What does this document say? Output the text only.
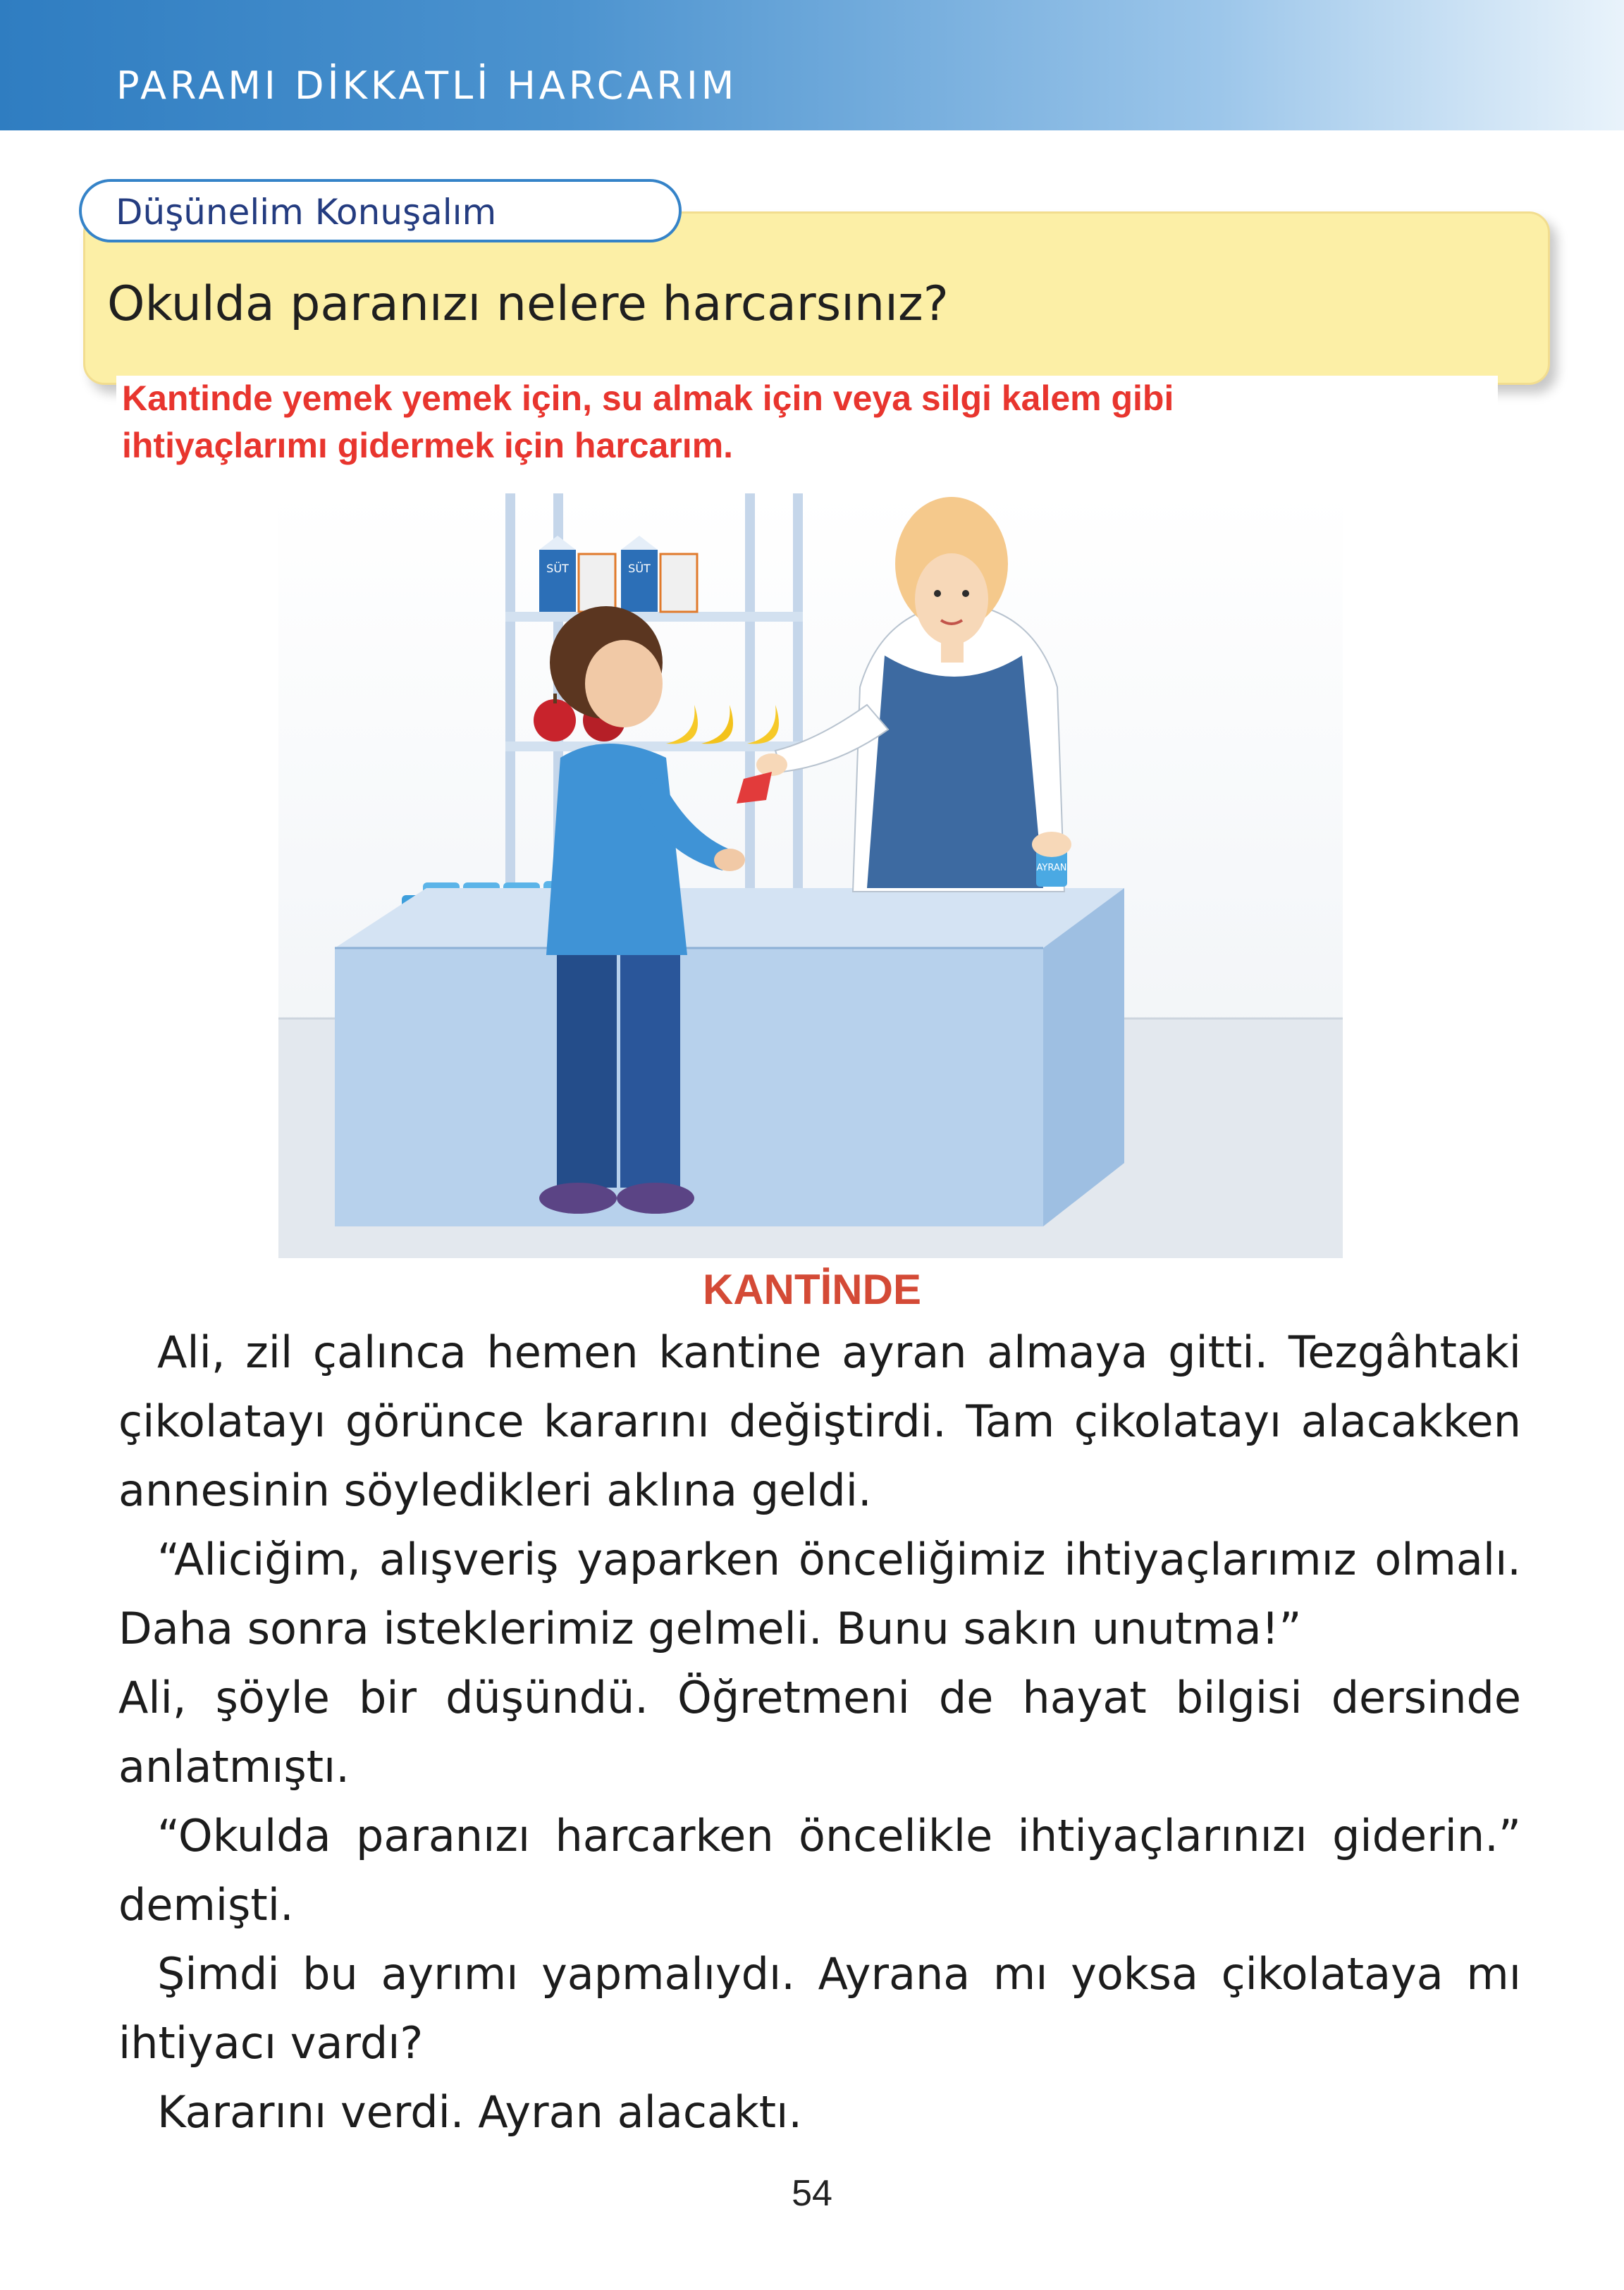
PARAMI DİKKATLİ HARCARIM
Düşünelim Konuşalım
Okulda paranızı nelere harcarsınız?
Kantinde yemek yemek için, su almak için veya silgi kalem gibi
ihtiyaçlarımı gidermek için harcarım.
SÜT	SÜT
AYRAN
KANTİNDE

Ali, zil çalınca hemen kantine ayran almaya gitti. Tezgâhtaki çikolatayı görünce kararını değiştirdi. Tam çikolatayı alacakken annesinin söyledikleri aklına geldi.

“Aliciğim, alışveriş yaparken önceliğimiz ihtiyaçlarımız olmalı. Daha sonra isteklerimiz gelmeli. Bunu sakın unutma!”

Ali, şöyle bir düşündü. Öğretmeni de hayat bilgisi dersinde anlatmıştı.

“Okulda paranızı harcarken öncelikle ihtiyaçlarınızı giderin.” demişti.

Şimdi bu ayrımı yapmalıydı. Ayrana mı yoksa çikolataya mı ihtiyacı vardı?

Kararını verdi. Ayran alacaktı.

54
